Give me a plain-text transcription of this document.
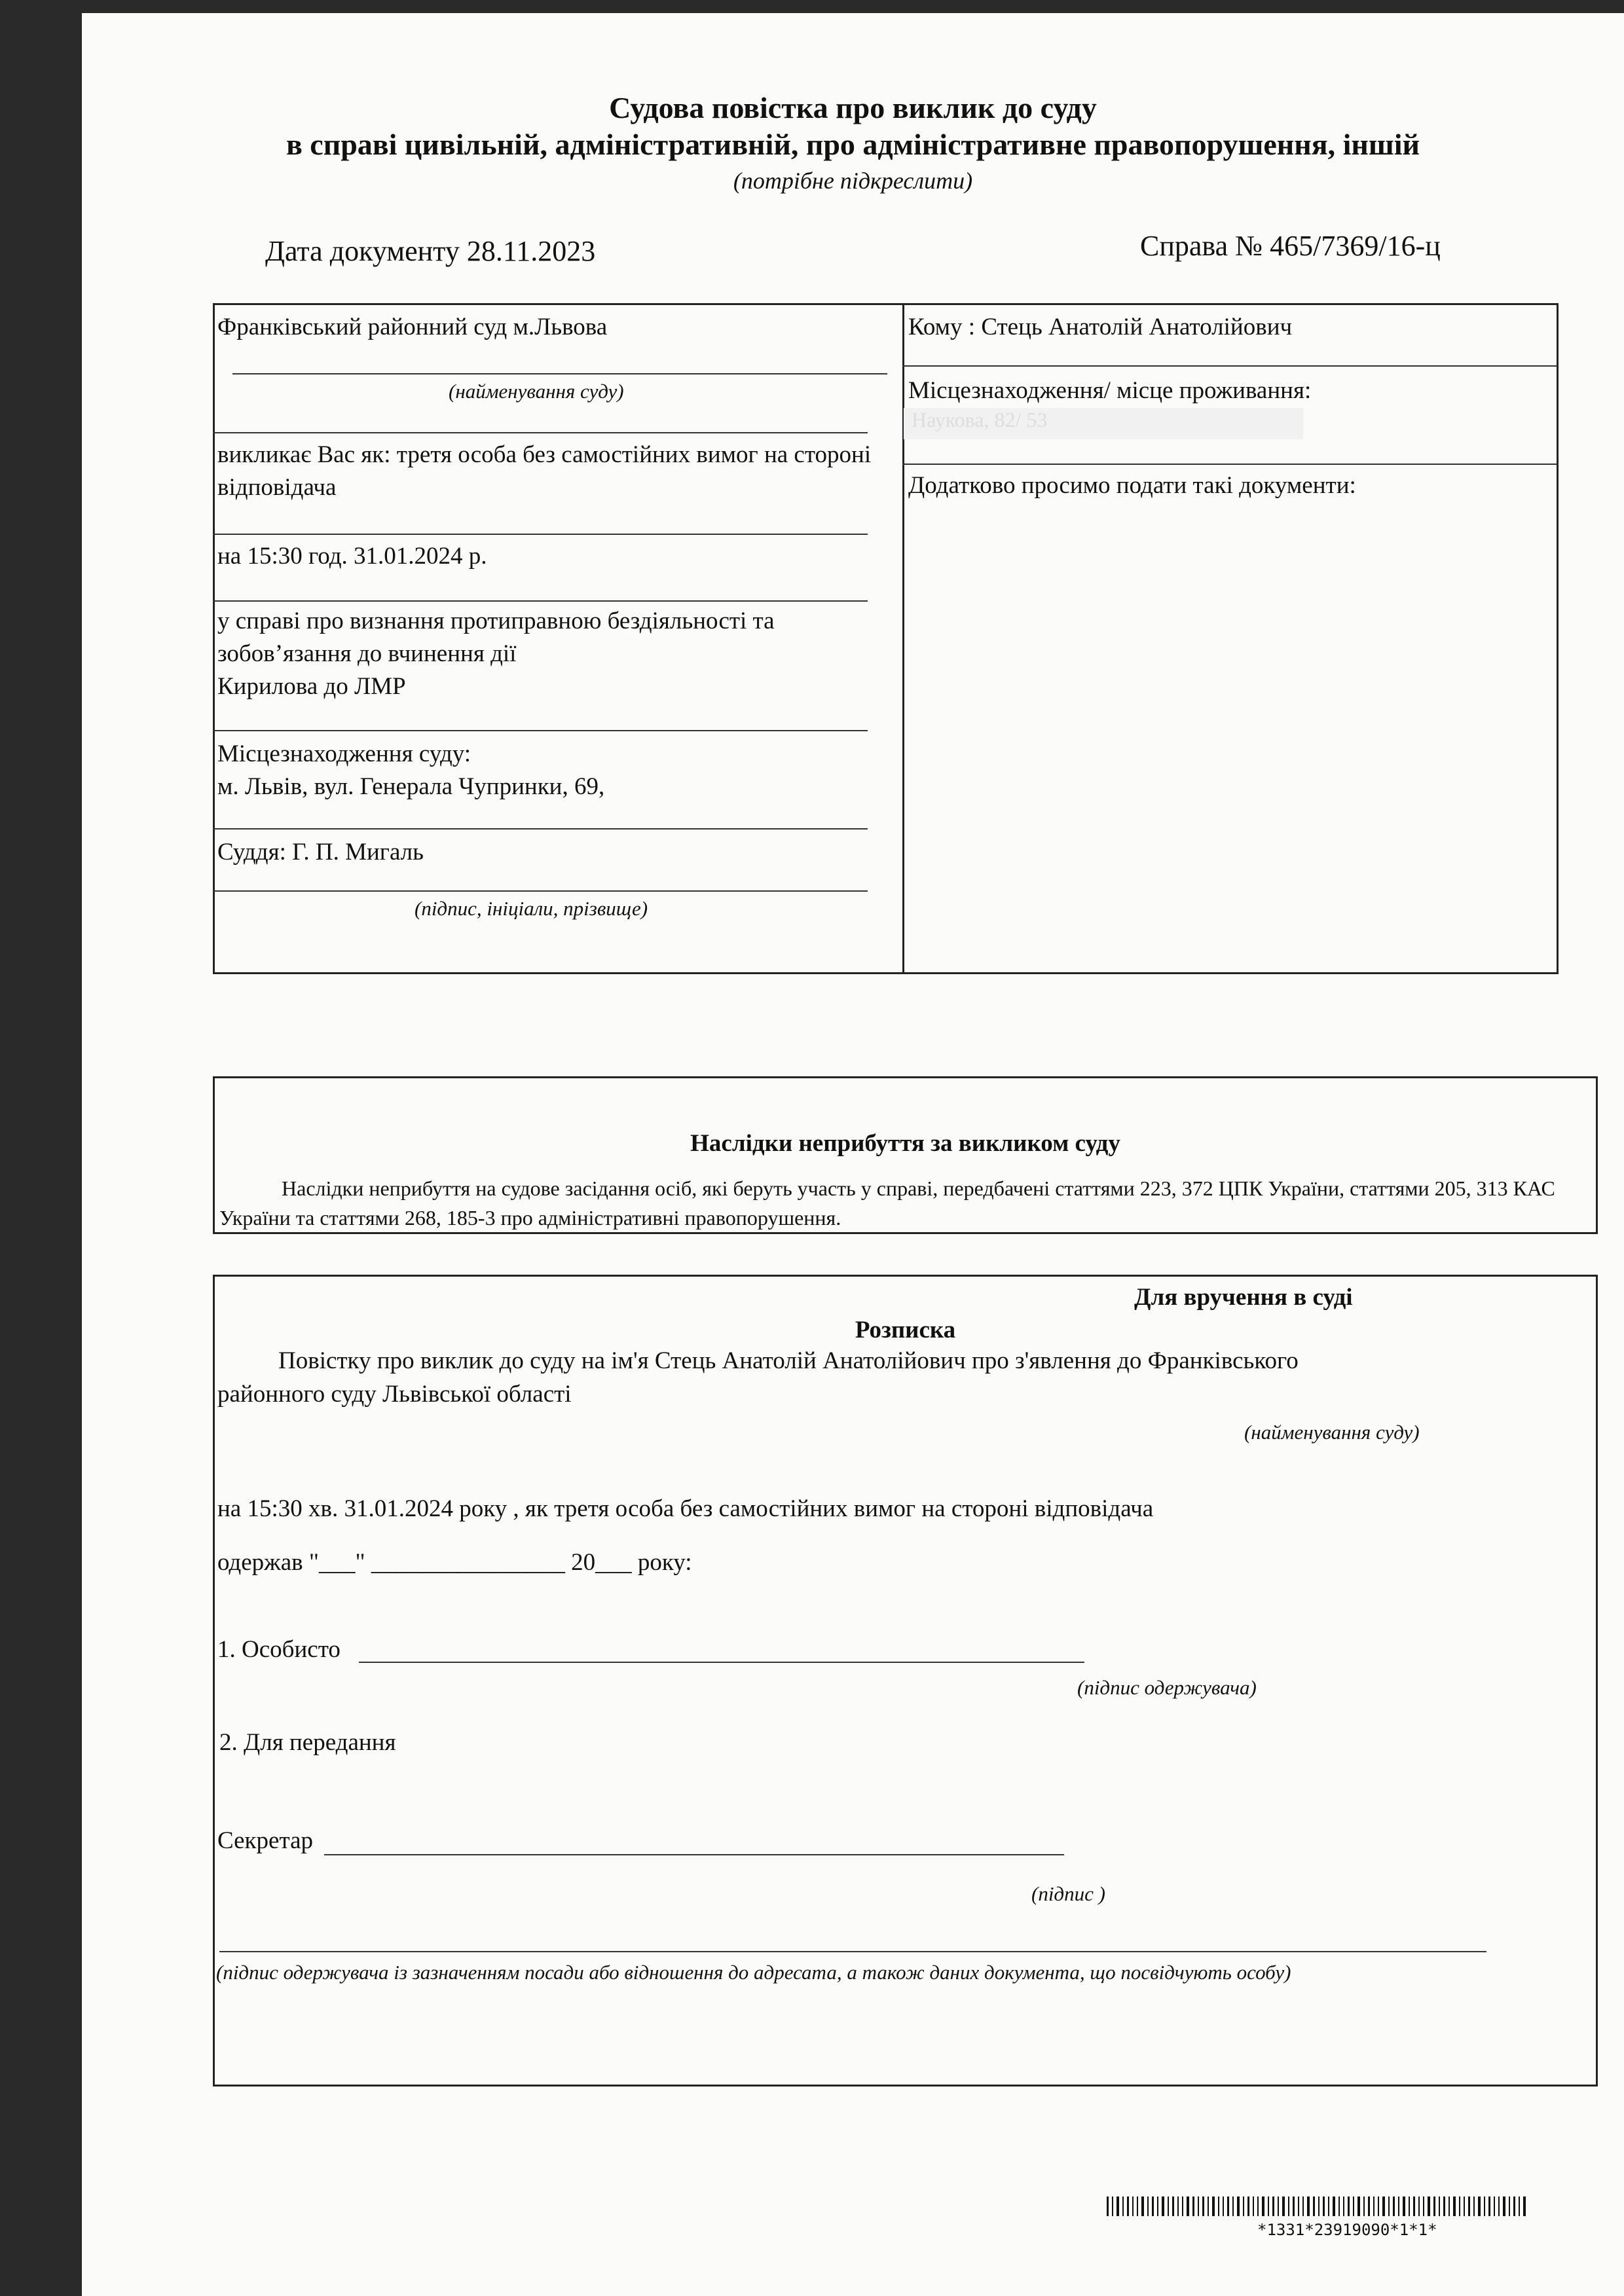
Судова повістка про виклик до суду
в справі цивільній, адміністративній, про адміністративне правопорушення, іншій
(потрібне підкреслити)
Дата документу 28.11.2023	Справа № 465/7369/16-ц
Франківський районний суд м.Львова
(найменування суду)
викликає Вас як: третя особа без самостійних вимог на стороні відповідача
на 15:30 год. 31.01.2024 р.
у справі про визнання протиправною бездіяльності та
зобов’язання до вчинення дії
Кирилова до ЛМР
Місцезнаходження суду:
м. Львів, вул. Генерала Чупринки, 69,
Суддя: Г. П. Мигаль
(підпис, ініціали, прізвище)
Кому : Стець Анатолій Анатолійович
Місцезнаходження/ місце проживання:
Наукова, 82/ 53
Додатково просимо подати такі документи:
Наслідки неприбуття за викликом суду
Наслідки неприбуття на судове засідання осіб, які беруть участь у справі, передбачені статтями 223, 372 ЦПК України, статтями 205, 313 КАС України та статтями 268, 185-3 про адміністративні правопорушення.
Для вручення в суді
Розписка
Повістку про виклик до суду на ім'я Стець Анатолій Анатолійович про з'явлення до Франківського
районного суду Львівської області
(найменування суду)
на 15:30 хв. 31.01.2024 року , як третя особа без самостійних вимог на стороні відповідача
одержав "___" ________________ 20___ року:
1. Особисто
(підпис одержувача)
2. Для передання
Секретар
(підпис )
(підпис одержувача із зазначенням посади або відношення до адресата, а також даних документа, що посвідчують особу)
*1331*23919090*1*1*
